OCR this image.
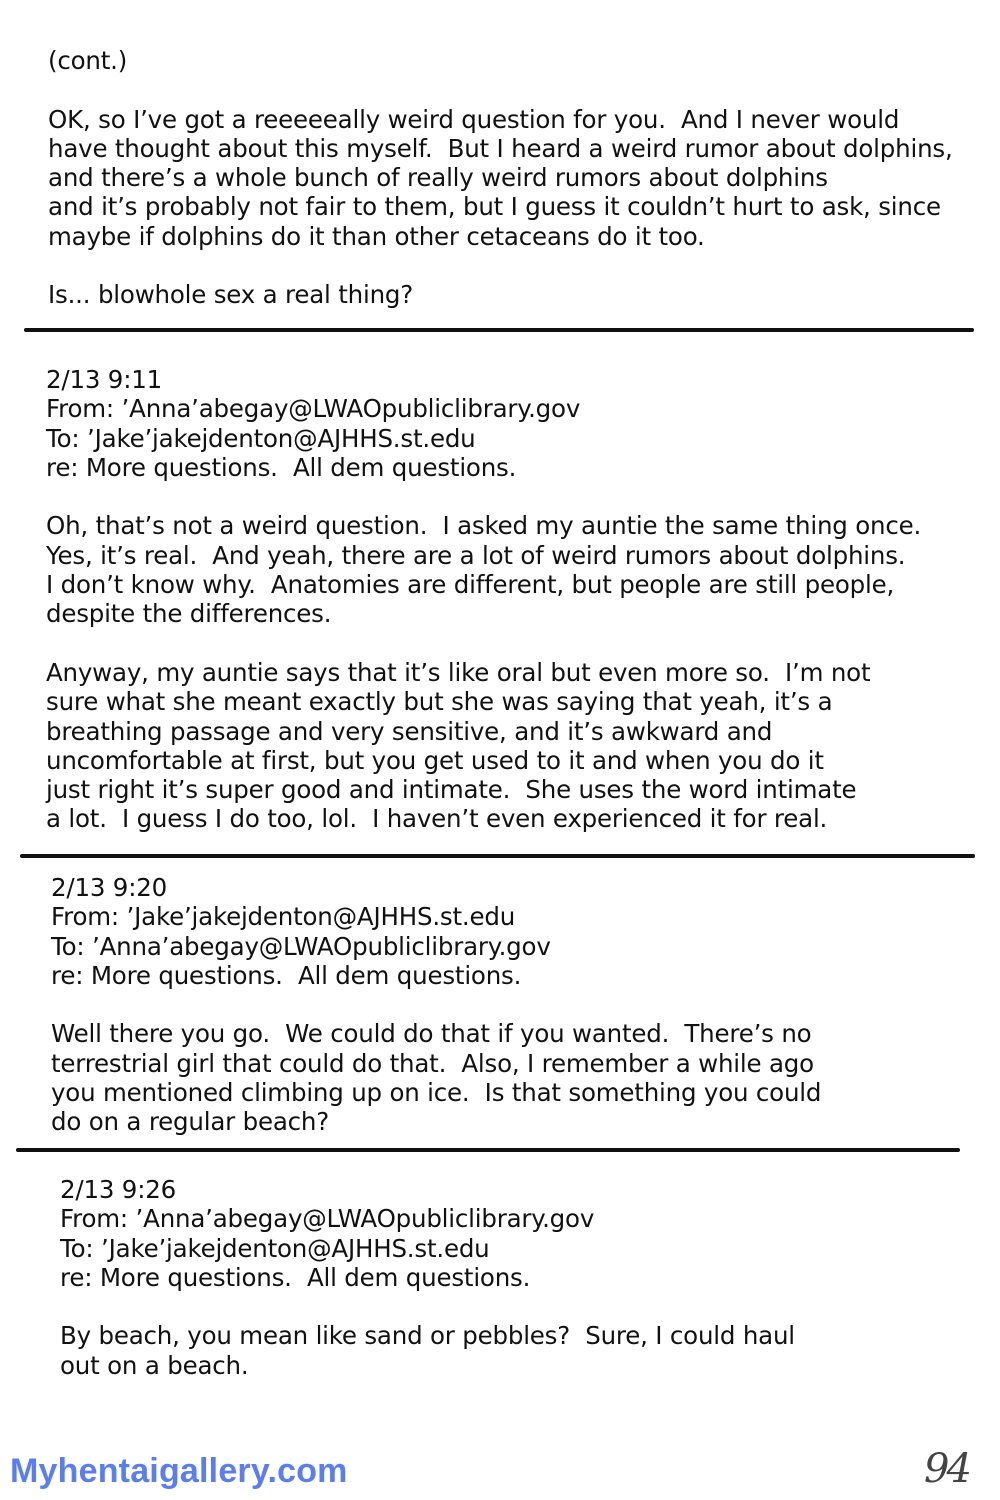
(cont.)
OK, so I’ve got a reeeeeally weird question for you.  And I never would
have thought about this myself.  But I heard a weird rumor about dolphins,
and there’s a whole bunch of really weird rumors about dolphins
and it’s probably not fair to them, but I guess it couldn’t hurt to ask, since
maybe if dolphins do it than other cetaceans do it too.
Is... blowhole sex a real thing?
2/13 9:11
From: ’Anna’abegay@LWAOpubliclibrary.gov
To: ’Jake’jakejdenton@AJHHS.st.edu
re: More questions.  All dem questions.
Oh, that’s not a weird question.  I asked my auntie the same thing once.
Yes, it’s real.  And yeah, there are a lot of weird rumors about dolphins.
I don’t know why.  Anatomies are different, but people are still people,
despite the differences.
Anyway, my auntie says that it’s like oral but even more so.  I’m not
sure what she meant exactly but she was saying that yeah, it’s a
breathing passage and very sensitive, and it’s awkward and
uncomfortable at first, but you get used to it and when you do it
just right it’s super good and intimate.  She uses the word intimate
a lot.  I guess I do too, lol.  I haven’t even experienced it for real.
2/13 9:20
From: ’Jake’jakejdenton@AJHHS.st.edu
To: ’Anna’abegay@LWAOpubliclibrary.gov
re: More questions.  All dem questions.
Well there you go.  We could do that if you wanted.  There’s no
terrestrial girl that could do that.  Also, I remember a while ago
you mentioned climbing up on ice.  Is that something you could
do on a regular beach?
2/13 9:26
From: ’Anna’abegay@LWAOpubliclibrary.gov
To: ’Jake’jakejdenton@AJHHS.st.edu
re: More questions.  All dem questions.
By beach, you mean like sand or pebbles?  Sure, I could haul
out on a beach.
Myhentaigallery.com	94
